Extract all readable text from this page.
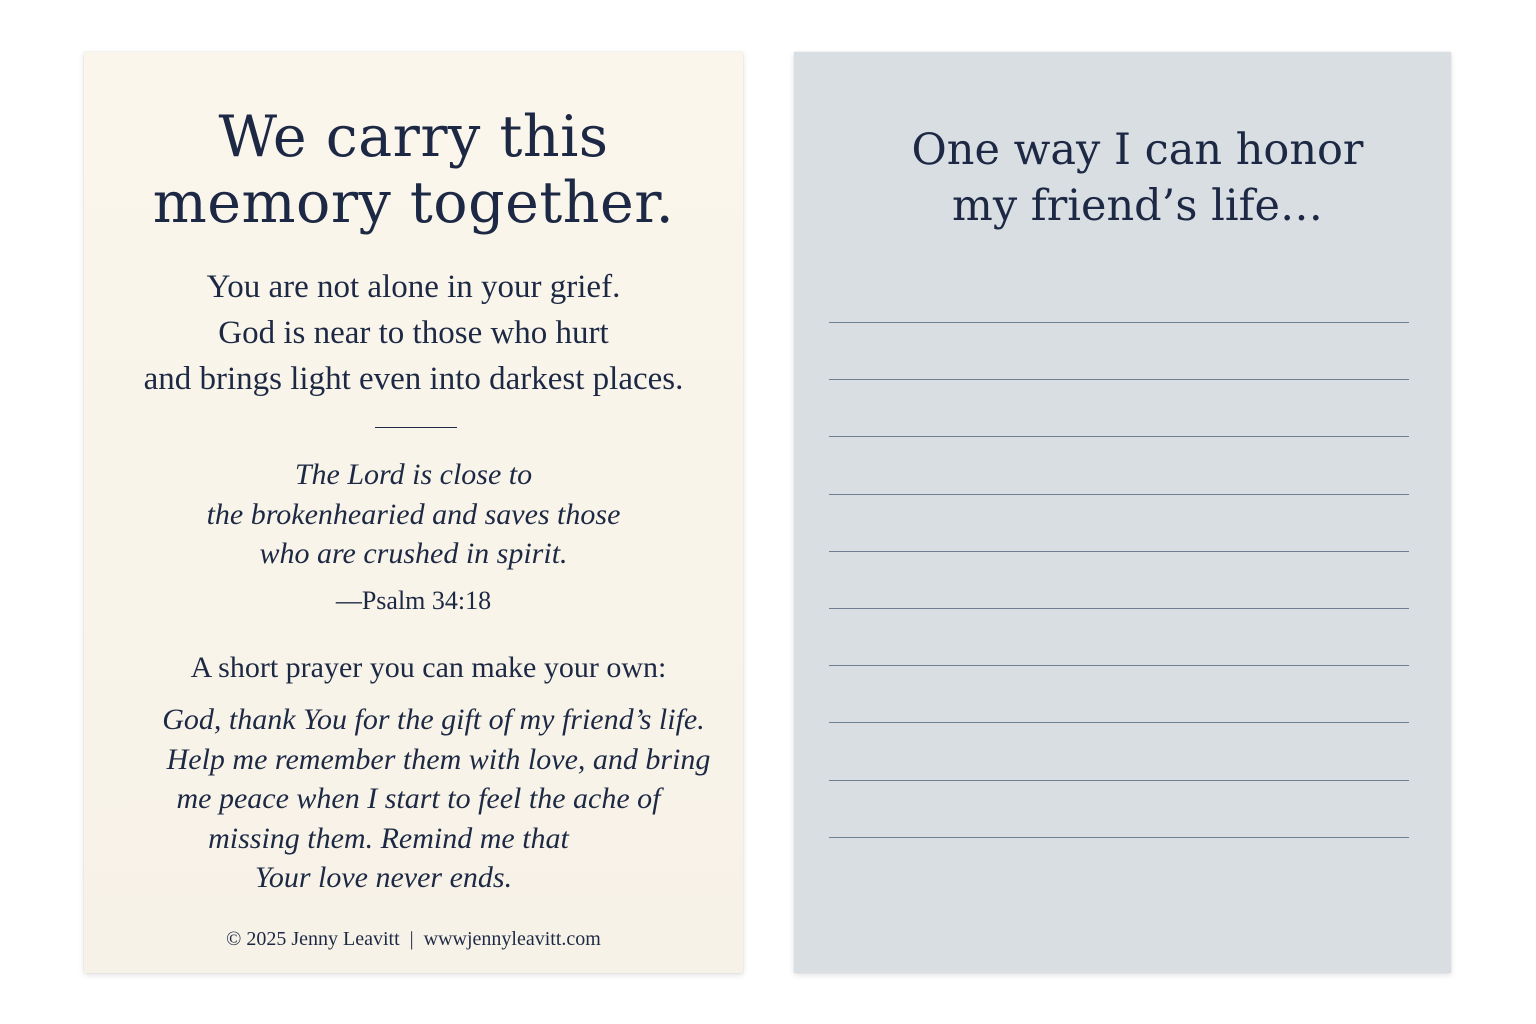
We carry this
memory together.
You are not alone in your grief.
God is near to those who hurt
and brings light even into darkest places.
The Lord is close to
the brokenhearied and saves those
who are crushed in spirit.
—Psalm 34:18
A short prayer you can make your own:
God, thank You for the gift of my friend’s life.
Help me remember them with love, and bring
me peace when I start to feel the ache of
missing them. Remind me that
Your love never ends.
© 2025 Jenny Leavitt | wwwjennyleavitt.com
One way I can honor
my friend’s life…
